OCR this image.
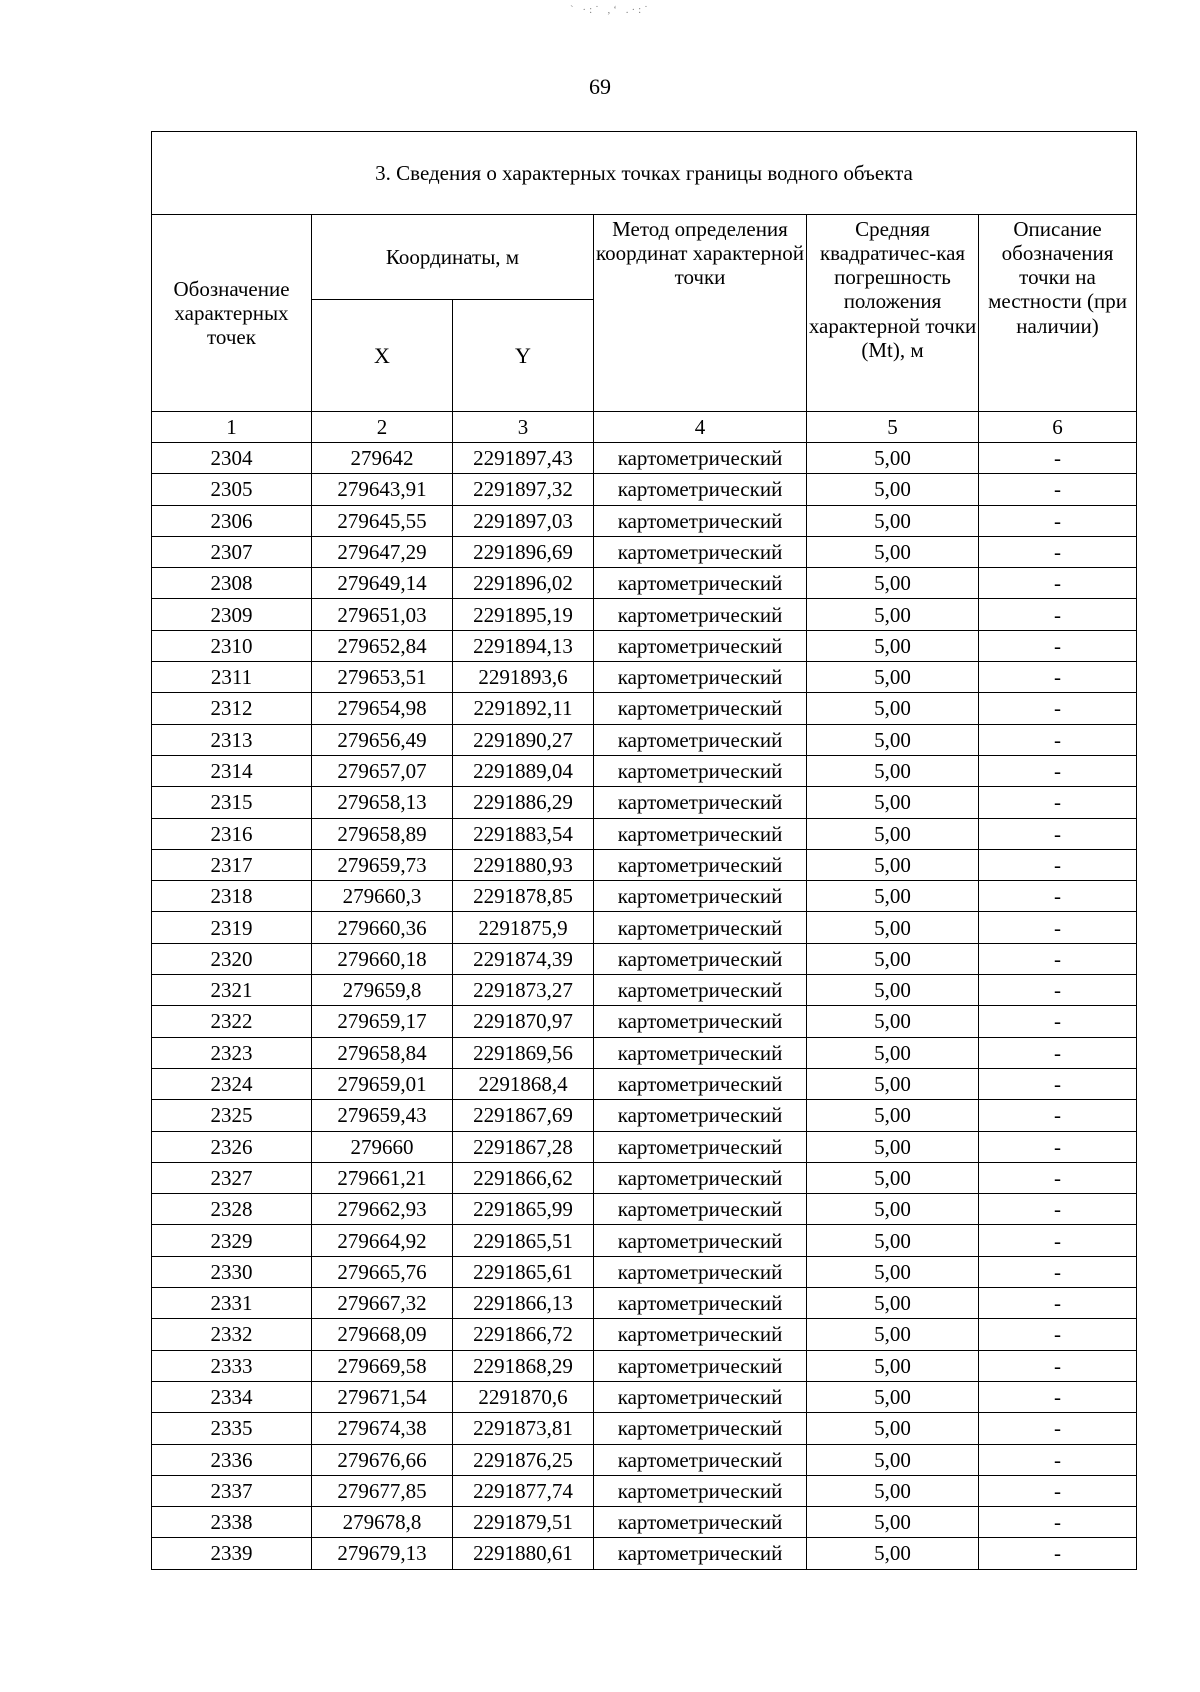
` ·:˙ ,‘ .·:˙
69
3. Сведения о характерных точках границы водного объекта					
Обозначение характерных точек	Координаты, м		Метод определения координат характерной точки	Средняя квадратичес-кая погрешность положения характерной точки (Mt), м	Описание обозначения точки на местности (при наличии)
	X	Y			
1	2	3	4	5	6
2304	279642	2291897,43	картометрический	5,00	-
2305	279643,91	2291897,32	картометрический	5,00	-
2306	279645,55	2291897,03	картометрический	5,00	-
2307	279647,29	2291896,69	картометрический	5,00	-
2308	279649,14	2291896,02	картометрический	5,00	-
2309	279651,03	2291895,19	картометрический	5,00	-
2310	279652,84	2291894,13	картометрический	5,00	-
2311	279653,51	2291893,6	картометрический	5,00	-
2312	279654,98	2291892,11	картометрический	5,00	-
2313	279656,49	2291890,27	картометрический	5,00	-
2314	279657,07	2291889,04	картометрический	5,00	-
2315	279658,13	2291886,29	картометрический	5,00	-
2316	279658,89	2291883,54	картометрический	5,00	-
2317	279659,73	2291880,93	картометрический	5,00	-
2318	279660,3	2291878,85	картометрический	5,00	-
2319	279660,36	2291875,9	картометрический	5,00	-
2320	279660,18	2291874,39	картометрический	5,00	-
2321	279659,8	2291873,27	картометрический	5,00	-
2322	279659,17	2291870,97	картометрический	5,00	-
2323	279658,84	2291869,56	картометрический	5,00	-
2324	279659,01	2291868,4	картометрический	5,00	-
2325	279659,43	2291867,69	картометрический	5,00	-
2326	279660	2291867,28	картометрический	5,00	-
2327	279661,21	2291866,62	картометрический	5,00	-
2328	279662,93	2291865,99	картометрический	5,00	-
2329	279664,92	2291865,51	картометрический	5,00	-
2330	279665,76	2291865,61	картометрический	5,00	-
2331	279667,32	2291866,13	картометрический	5,00	-
2332	279668,09	2291866,72	картометрический	5,00	-
2333	279669,58	2291868,29	картометрический	5,00	-
2334	279671,54	2291870,6	картометрический	5,00	-
2335	279674,38	2291873,81	картометрический	5,00	-
2336	279676,66	2291876,25	картометрический	5,00	-
2337	279677,85	2291877,74	картометрический	5,00	-
2338	279678,8	2291879,51	картометрический	5,00	-
2339	279679,13	2291880,61	картометрический	5,00	-
